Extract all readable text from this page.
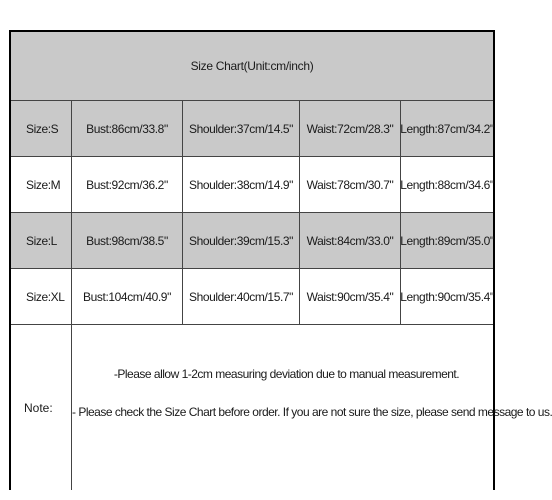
Size Chart(Unit:cm/inch)
Size:S	Bust:86cm/33.8"	Shoulder:37cm/14.5"	Waist:72cm/28.3" Length:87cm/34.2"
Size:M	Bust:92cm/36.2"	Shoulder:38cm/14.9"	Waist:78cm/30.7" Length:88cm/34.6"
Size:L	Bust:98cm/38.5"	Shoulder:39cm/15.3"	Waist:84cm/33.0" Length:89cm/35.0"
Size:XL	Bust:104cm/40.9"	Shoulder:40cm/15.7"	Waist:90cm/35.4" Length:90cm/35.4"
Note:
-Please allow 1-2cm measuring deviation due to manual measurement.
- Please check the Size Chart before order. If you are not sure the size, please send message to us.
